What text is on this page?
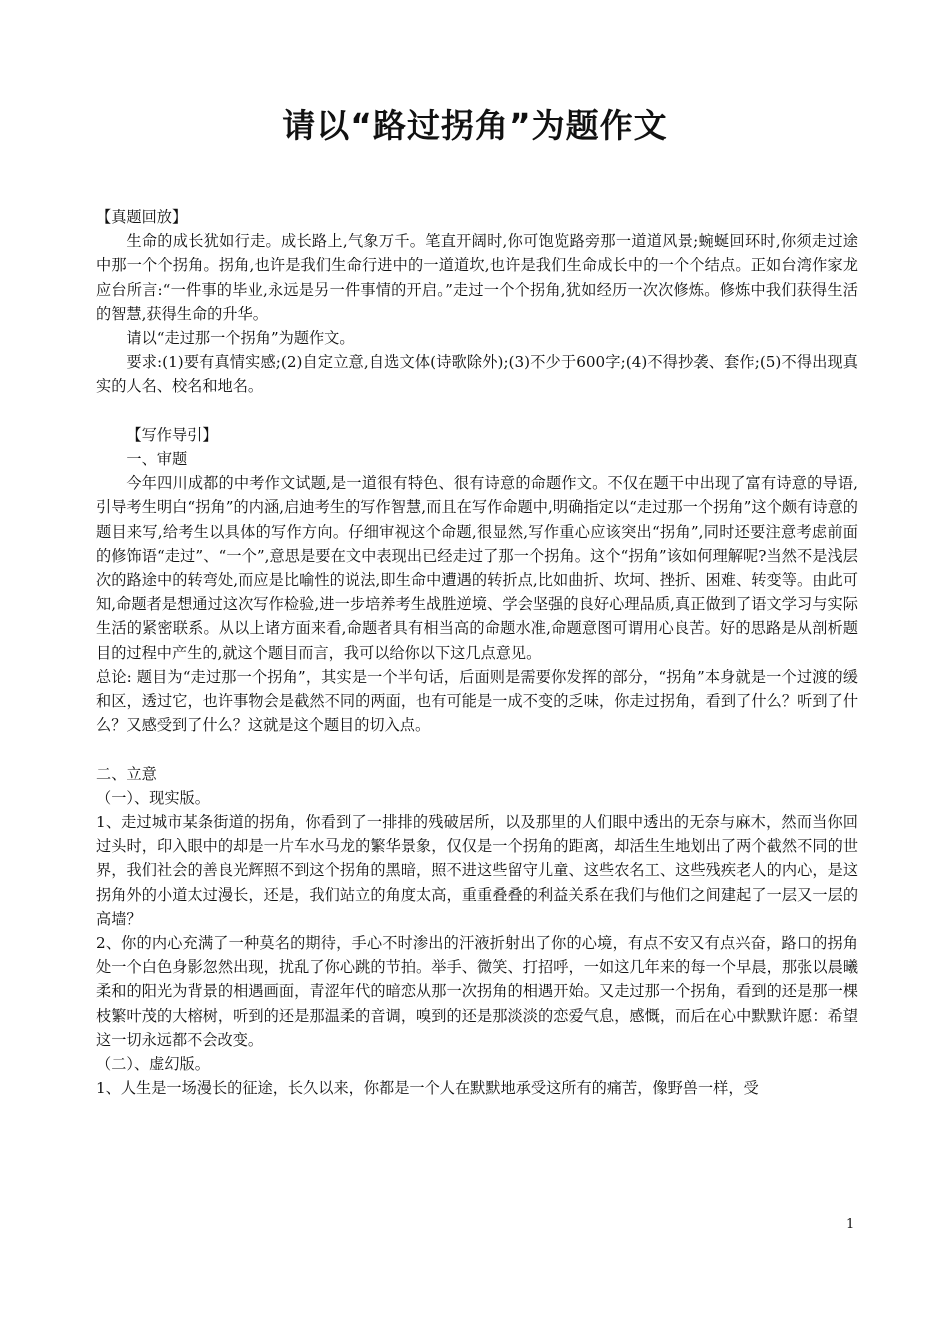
请以“路过拐角”为题作文

【真题回放】

生命的成长犹如行走。成长路上,气象万千。笔直开阔时,你可饱览路旁那一道道风景;蜿蜒回环时,你须走过途中那一个个拐角。拐角,也许是我们生命行进中的一道道坎,也许是我们生命成长中的一个个结点。正如台湾作家龙应台所言:“一件事的毕业,永远是另一件事情的开启。”走过一个个拐角,犹如经历一次次修炼。修炼中我们获得生活的智慧,获得生命的升华。

请以“走过那一个拐角”为题作文。

要求:(1)要有真情实感;(2)自定立意,自选文体(诗歌除外);(3)不少于600字;(4)不得抄袭、套作;(5)不得出现真实的人名、校名和地名。

【写作导引】

一、审题

今年四川成都的中考作文试题,是一道很有特色、很有诗意的命题作文。不仅在题干中出现了富有诗意的导语,引导考生明白“拐角”的内涵,启迪考生的写作智慧,而且在写作命题中,明确指定以“走过那一个拐角”这个颇有诗意的题目来写,给考生以具体的写作方向。仔细审视这个命题,很显然,写作重心应该突出“拐角”,同时还要注意考虑前面的修饰语“走过”、“一个”,意思是要在文中表现出已经走过了那一个拐角。这个“拐角”该如何理解呢?当然不是浅层次的路途中的转弯处,而应是比喻性的说法,即生命中遭遇的转折点,比如曲折、坎坷、挫折、困难、转变等。由此可知,命题者是想通过这次写作检验,进一步培养考生战胜逆境、学会坚强的良好心理品质,真正做到了语文学习与实际生活的紧密联系。从以上诸方面来看,命题者具有相当高的命题水准,命题意图可谓用心良苦。好的思路是从剖析题目的过程中产生的,就这个题目而言，我可以给你以下这几点意见。

总论: 题目为“走过那一个拐角”，其实是一个半句话，后面则是需要你发挥的部分，“拐角”本身就是一个过渡的缓和区，透过它，也许事物会是截然不同的两面，也有可能是一成不变的乏味，你走过拐角，看到了什么？听到了什么？又感受到了什么？这就是这个题目的切入点。

二、立意

（一）、现实版。

1、走过城市某条街道的拐角，你看到了一排排的残破居所，以及那里的人们眼中透出的无奈与麻木，然而当你回过头时，印入眼中的却是一片车水马龙的繁华景象，仅仅是一个拐角的距离，却活生生地划出了两个截然不同的世界，我们社会的善良光辉照不到这个拐角的黑暗，照不进这些留守儿童、这些农名工、这些残疾老人的内心，是这拐角外的小道太过漫长，还是，我们站立的角度太高，重重叠叠的利益关系在我们与他们之间建起了一层又一层的高墙？

2、你的内心充满了一种莫名的期待，手心不时渗出的汗液折射出了你的心境，有点不安又有点兴奋，路口的拐角处一个白色身影忽然出现，扰乱了你心跳的节拍。举手、微笑、打招呼，一如这几年来的每一个早晨，那张以晨曦柔和的阳光为背景的相遇画面，青涩年代的暗恋从那一次拐角的相遇开始。又走过那一个拐角，看到的还是那一棵枝繁叶茂的大榕树，听到的还是那温柔的音调，嗅到的还是那淡淡的恋爱气息，感慨，而后在心中默默许愿：希望这一切永远都不会改变。

（二）、虚幻版。

1、人生是一场漫长的征途，长久以来，你都是一个人在默默地承受这所有的痛苦，像野兽一样，受

1
